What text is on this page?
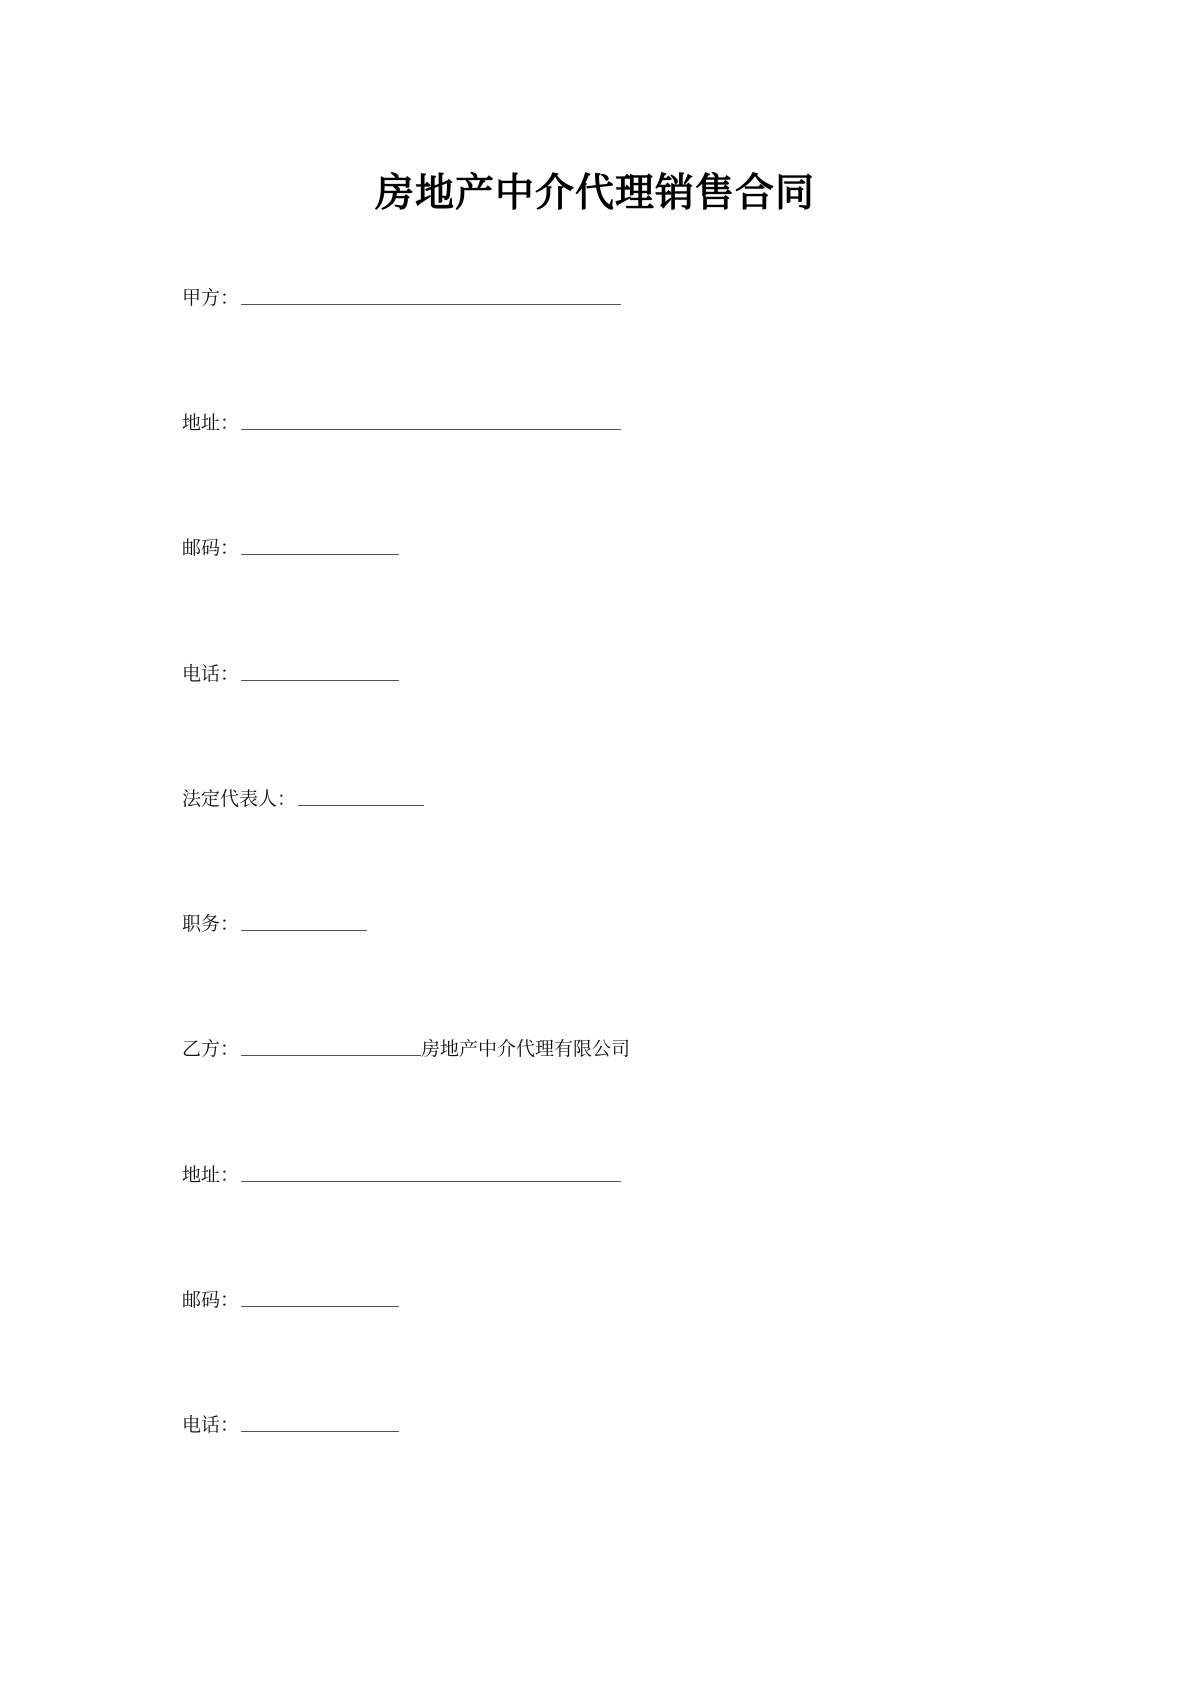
房地产中介代理销售合同
甲方：
地址：
邮码：
电话：
法定代表人：
职务：
乙方：	房地产中介代理有限公司
地址：
邮码：
电话：
